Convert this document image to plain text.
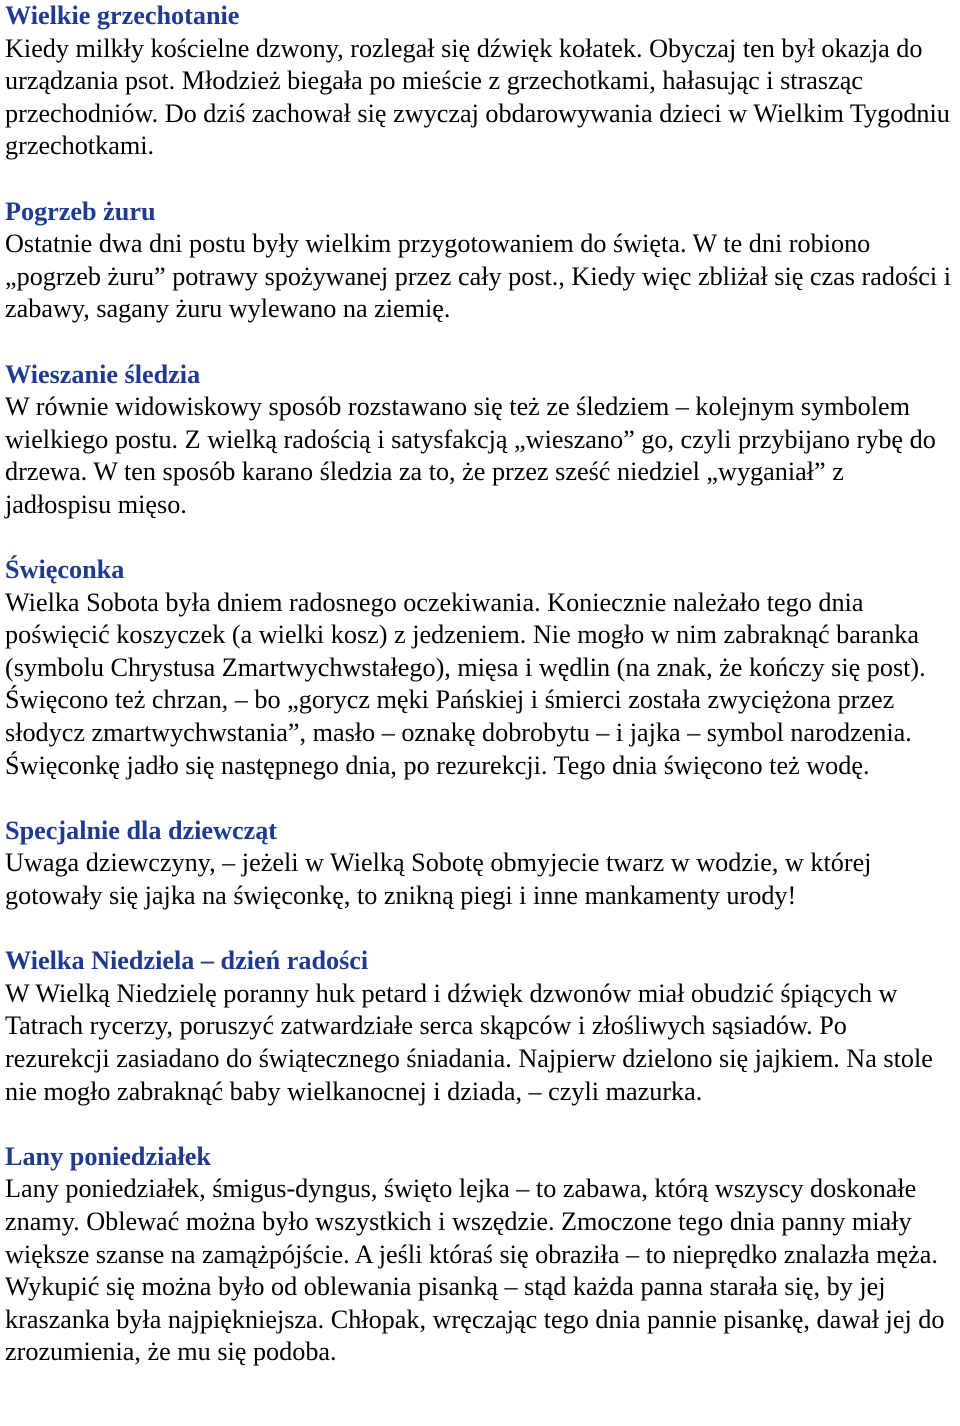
Wielkie grzechotanie

Kiedy milkły kościelne dzwony, rozlegał się dźwięk kołatek. Obyczaj ten był okazja do urządzania psot. Młodzież biegała po mieście z grzechotkami, hałasując i strasząc przechodniów. Do dziś zachował się zwyczaj obdarowywania dzieci w Wielkim Tygodniu grzechotkami.

Pogrzeb żuru

Ostatnie dwa dni postu były wielkim przygotowaniem do święta. W te dni robiono „pogrzeb żuru” potrawy spożywanej przez cały post., Kiedy więc zbliżał się czas radości i zabawy, sagany żuru wylewano na ziemię.

Wieszanie śledzia

W równie widowiskowy sposób rozstawano się też ze śledziem – kolejnym symbolem wielkiego postu. Z wielką radością i satysfakcją „wieszano” go, czyli przybijano rybę do drzewa. W ten sposób karano śledzia za to, że przez sześć niedziel „wyganiał” z jadłospisu mięso.

Święconka

Wielka Sobota była dniem radosnego oczekiwania. Koniecznie należało tego dnia poświęcić koszyczek (a wielki kosz) z jedzeniem. Nie mogło w nim zabraknąć baranka (symbolu Chrystusa Zmartwychwstałego), mięsa i wędlin (na znak, że kończy się post). Święcono też chrzan, – bo „gorycz męki Pańskiej i śmierci została zwyciężona przez słodycz zmartwychwstania”, masło – oznakę dobrobytu – i jajka – symbol narodzenia. Święconkę jadło się następnego dnia, po rezurekcji. Tego dnia święcono też wodę.

Specjalnie dla dziewcząt

Uwaga dziewczyny, – jeżeli w Wielką Sobotę obmyjecie twarz w wodzie, w której gotowały się jajka na święconkę, to znikną piegi i inne mankamenty urody!

Wielka Niedziela – dzień radości

W Wielką Niedzielę poranny huk petard i dźwięk dzwonów miał obudzić śpiących w Tatrach rycerzy, poruszyć zatwardziałe serca skąpców i złośliwych sąsiadów. Po rezurekcji zasiadano do świątecznego śniadania. Najpierw dzielono się jajkiem. Na stole nie mogło zabraknąć baby wielkanocnej i dziada, – czyli mazurka.

Lany poniedziałek

Lany poniedziałek, śmigus-dyngus, święto lejka – to zabawa, którą wszyscy doskonałe znamy. Oblewać można było wszystkich i wszędzie. Zmoczone tego dnia panny miały większe szanse na zamążpójście. A jeśli któraś się obraziła – to nieprędko znalazła męża. Wykupić się można było od oblewania pisanką – stąd każda panna starała się, by jej kraszanka była najpiękniejsza. Chłopak, wręczając tego dnia pannie pisankę, dawał jej do zrozumienia, że mu się podoba.
